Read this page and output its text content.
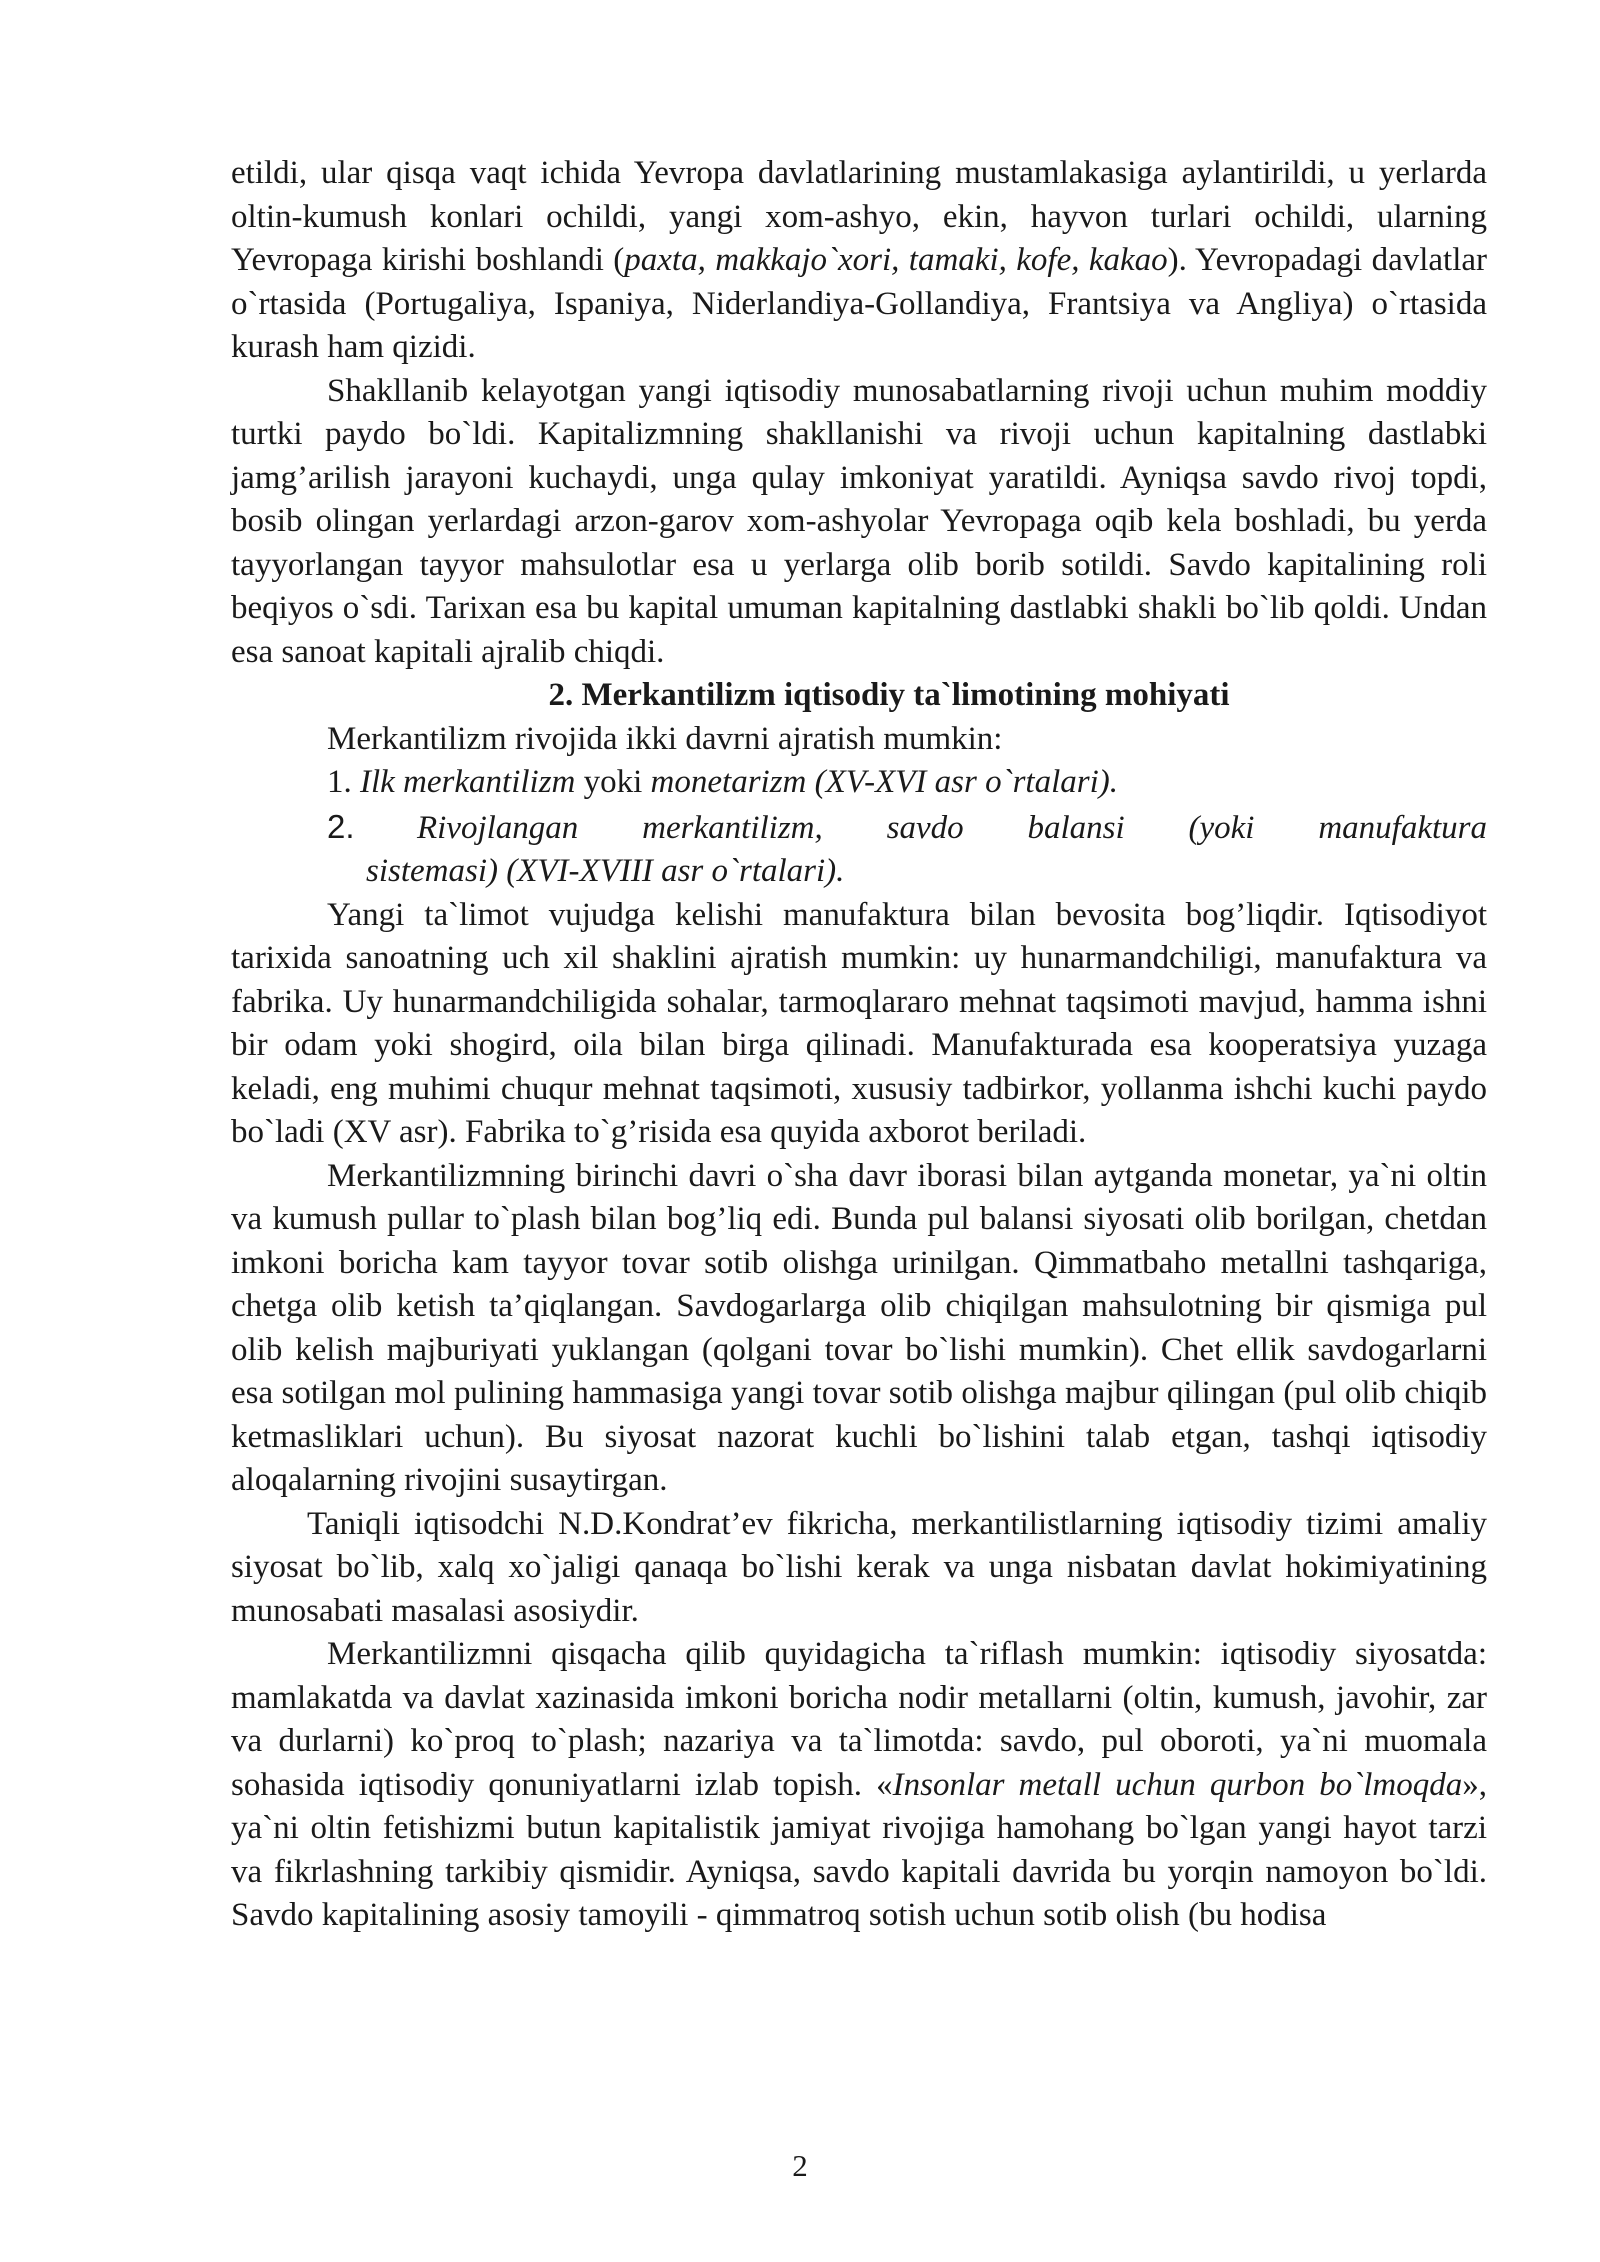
etildi, ular qisqa vaqt ichida Yevropa davlatlarining mustamlakasiga aylantirildi, u yerlarda oltin-kumush konlari ochildi, yangi xom-ashyo, ekin, hayvon turlari ochildi, ularning Yevropaga kirishi boshlandi (paxta, makkajo`xori, tamaki, kofe, kakao). Yevropadagi davlatlar o`rtasida (Portugaliya, Ispaniya, Niderlandiya-Gollandiya, Frantsiya va Angliya) o`rtasida kurash ham qizidi.

Shakllanib kelayotgan yangi iqtisodiy munosabatlarning rivoji uchun muhim moddiy turtki paydo bo`ldi. Kapitalizmning shakllanishi va rivoji uchun kapitalning dastlabki jamg’arilish jarayoni kuchaydi, unga qulay imkoniyat yaratildi. Ayniqsa savdo rivoj topdi, bosib olingan yerlardagi arzon-garov xom-ashyolar Yevropaga oqib kela boshladi, bu yerda tayyorlangan tayyor mahsulotlar esa u yerlarga olib borib sotildi. Savdo kapitalining roli beqiyos o`sdi. Tarixan esa bu kapital umuman kapitalning dastlabki shakli bo`lib qoldi. Undan esa sanoat kapitali ajralib chiqdi.

2. Merkantilizm iqtisodiy ta`limotining mohiyati

Merkantilizm rivojida ikki davrni ajratish mumkin:

1. Ilk merkantilizm yoki monetarizm (XV-XVI asr o`rtalari).

2. Rivojlangan merkantilizm, savdo balansi (yoki manufaktura

sistemasi) (XVI-XVIII asr o`rtalari).

Yangi ta`limot vujudga kelishi manufaktura bilan bevosita bog’liqdir. Iqtisodiyot tarixida sanoatning uch xil shaklini ajratish mumkin: uy hunarmandchiligi, manufaktura va fabrika. Uy hunarmandchiligida sohalar, tarmoqlararo mehnat taqsimoti mavjud, hamma ishni bir odam yoki shogird, oila bilan birga qilinadi. Manufakturada esa kooperatsiya yuzaga keladi, eng muhimi chuqur mehnat taqsimoti, xususiy tadbirkor, yollanma ishchi kuchi paydo bo`ladi (XV asr). Fabrika to`g’risida esa quyida axborot beriladi.

Merkantilizmning birinchi davri o`sha davr iborasi bilan aytganda monetar, ya`ni oltin va kumush pullar to`plash bilan bog’liq edi. Bunda pul balansi siyosati olib borilgan, chetdan imkoni boricha kam tayyor tovar sotib olishga urinilgan. Qimmatbaho metallni tashqariga, chetga olib ketish ta’qiqlangan. Savdogarlarga olib chiqilgan mahsulotning bir qismiga pul olib kelish majburiyati yuklangan (qolgani tovar bo`lishi mumkin). Chet ellik savdogarlarni esa sotilgan mol pulining hammasiga yangi tovar sotib olishga majbur qilingan (pul olib chiqib ketmasliklari uchun). Bu siyosat nazorat kuchli bo`lishini talab etgan, tashqi iqtisodiy aloqalarning rivojini susaytirgan.

Taniqli iqtisodchi N.D.Kondrat’ev fikricha, merkantilistlarning iqtisodiy tizimi amaliy siyosat bo`lib, xalq xo`jaligi qanaqa bo`lishi kerak va unga nisbatan davlat hokimiyatining munosabati masalasi asosiydir.

Merkantilizmni qisqacha qilib quyidagicha ta`riflash mumkin: iqtisodiy siyosatda: mamlakatda va davlat xazinasida imkoni boricha nodir metallarni (oltin, kumush, javohir, zar va durlarni) ko`proq to`plash; nazariya va ta`limotda: savdo, pul oboroti, ya`ni muomala sohasida iqtisodiy qonuniyatlarni izlab topish. «Insonlar metall uchun qurbon bo`lmoqda», ya`ni oltin fetishizmi butun kapitalistik jamiyat rivojiga hamohang bo`lgan yangi hayot tarzi va fikrlashning tarkibiy qismidir. Ayniqsa, savdo kapitali davrida bu yorqin namoyon bo`ldi. Savdo kapitalining asosiy tamoyili - qimmatroq sotish uchun sotib olish (bu hodisa

2
